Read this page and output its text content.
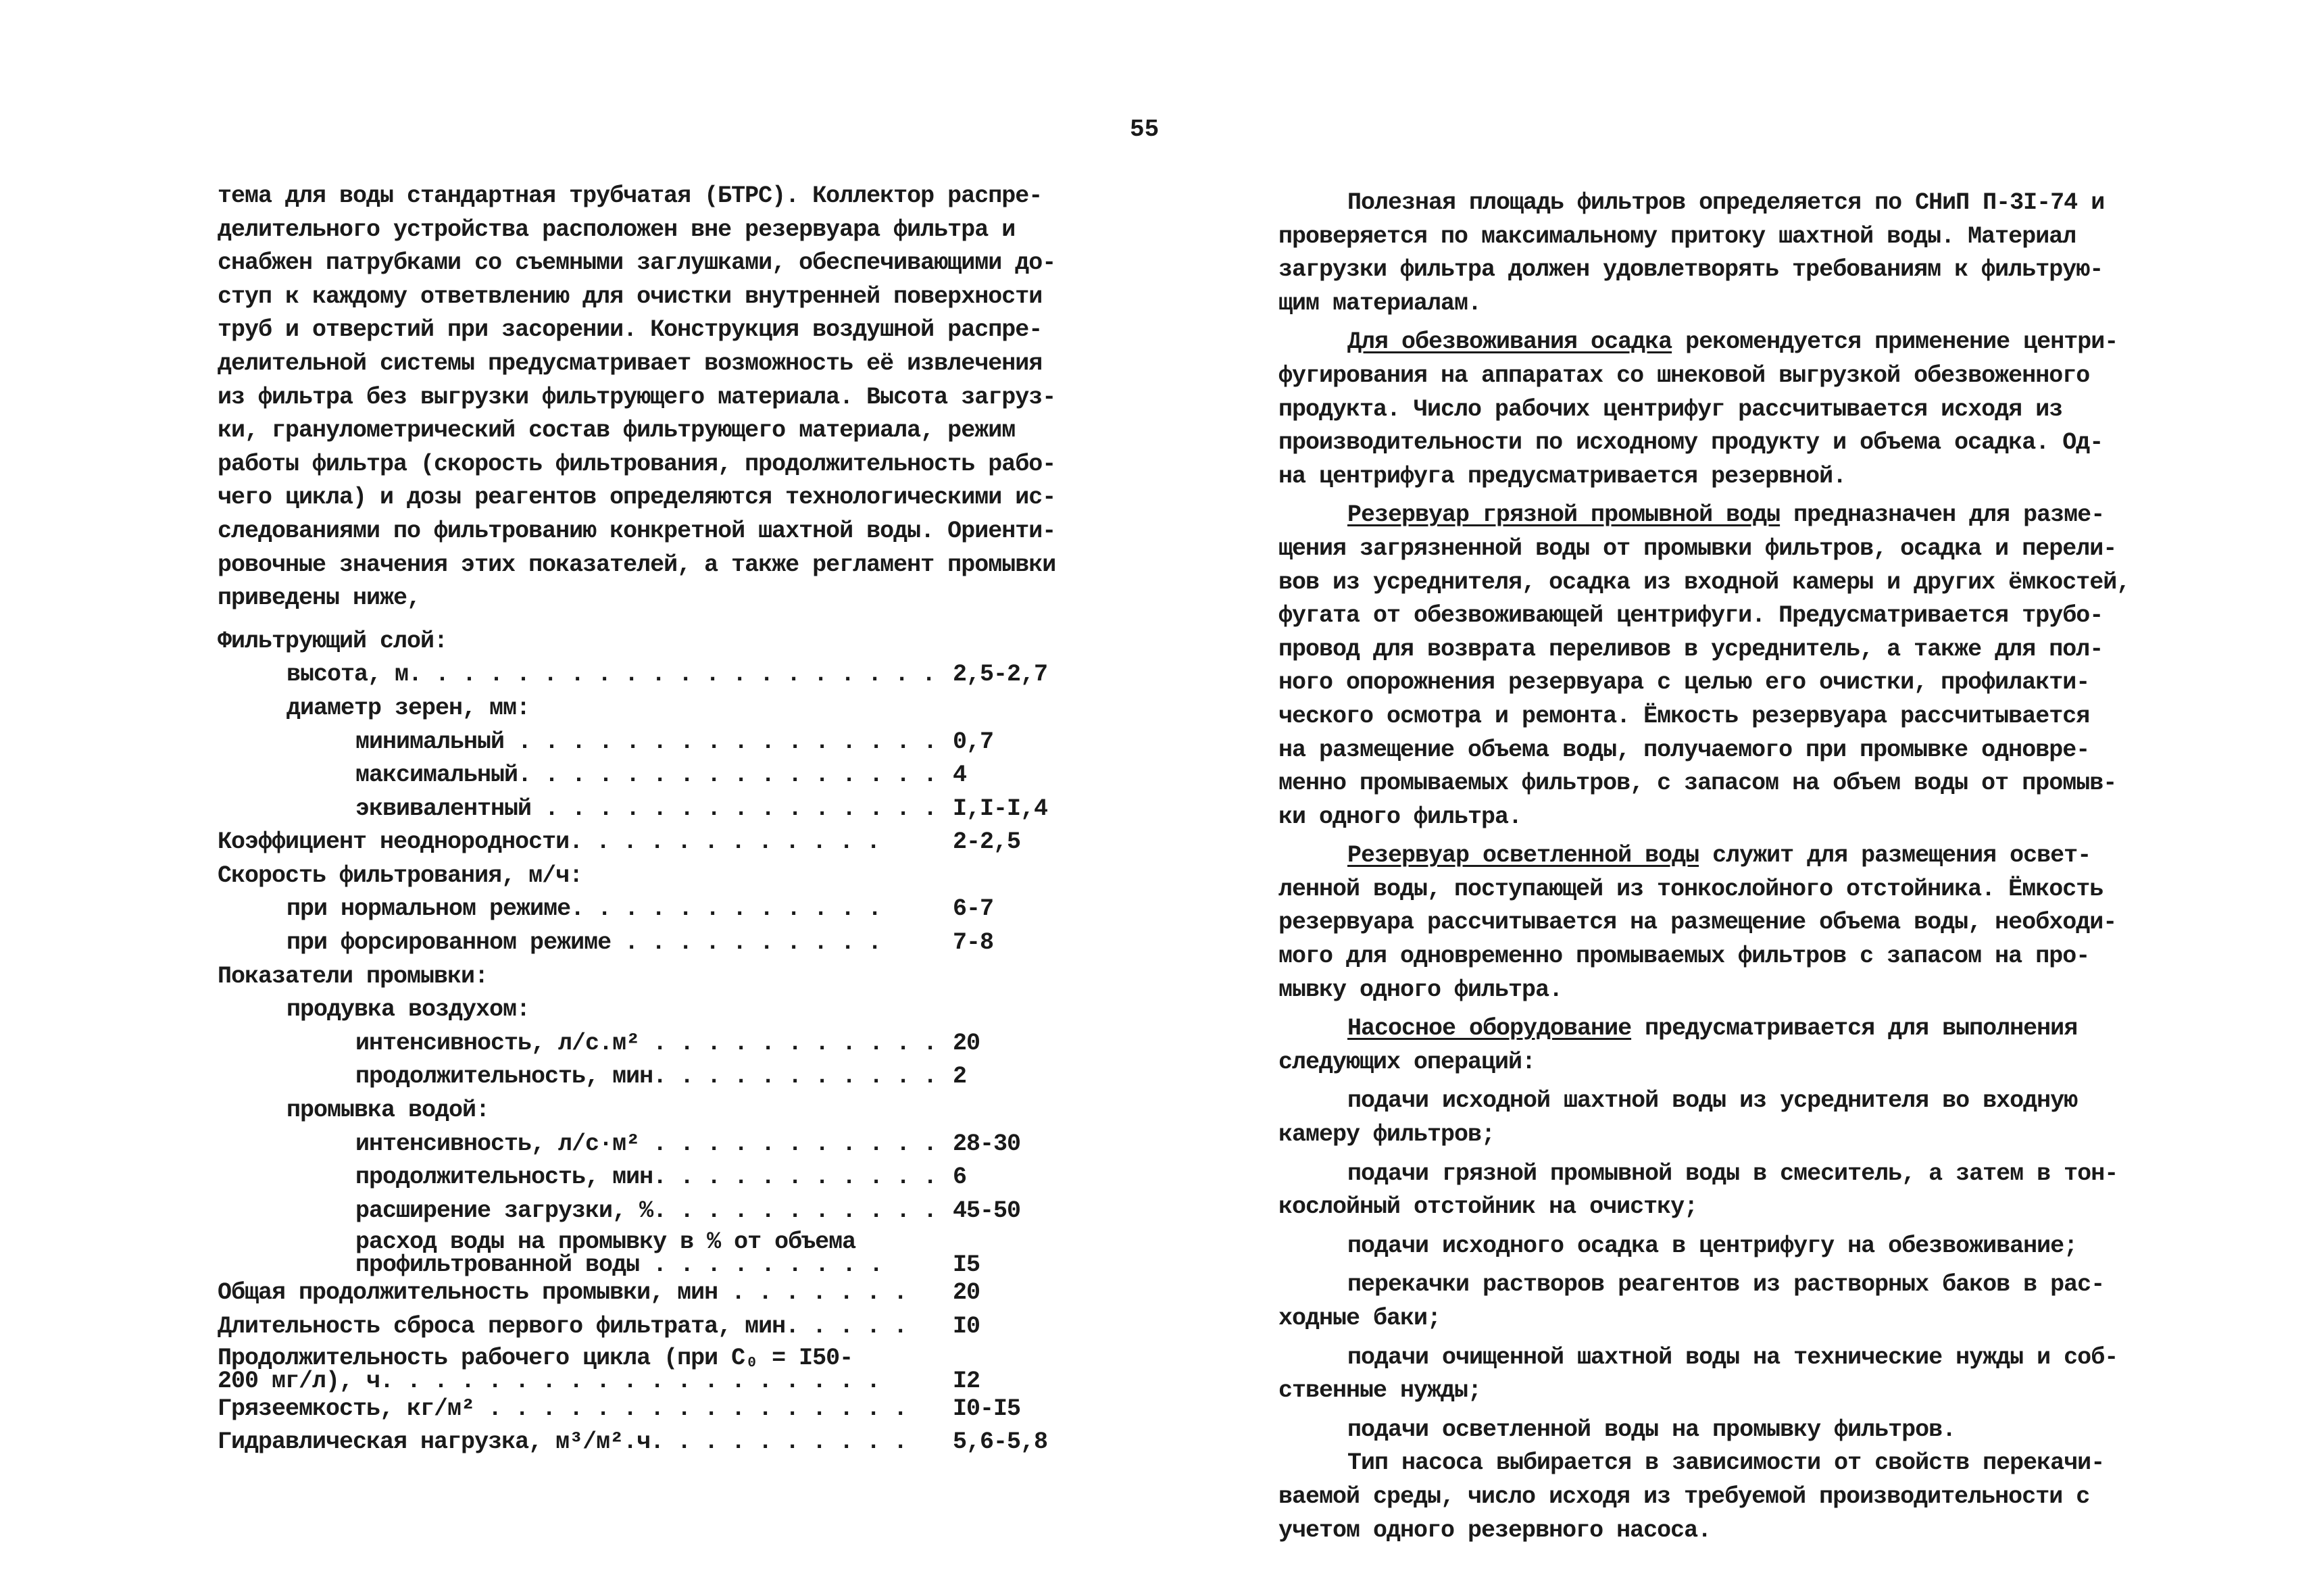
55

тема для воды стандартная трубчатая (БТРС). Коллектор распре-

делительного устройства расположен вне резервуара фильтра и

снабжен патрубками со съемными заглушками, обеспечивающими до-

ступ к каждому ответвлению для очистки внутренней поверхности

труб и отверстий при засорении. Конструкция воздушной распре-

делительной системы предусматривает возможность её извлечения

из фильтра без выгрузки фильтрующего материала. Высота загруз-

ки, гранулометрический состав фильтрующего материала, режим

работы фильтра (скорость фильтрования, продолжительность рабо-

чего цикла) и дозы реагентов определяются технологическими ис-

следованиями по фильтрованию конкретной шахтной воды. Ориенти-

ровочные значения этих показателей, а также регламент промывки

приведены ниже,

Фильтрующий слой:
высота, м. . . . . . . . . . . . . . . . . . . . 2,5-2,7
диаметр зерен, мм:
минимальный . . . . . . . . . . . . . . . . 0,7
максимальный. . . . . . . . . . . . . . . . 4
эквивалентный . . . . . . . . . . . . . . . I,I-I,4
Коэффициент неоднородности. . . . . . . . . . . .	2-2,5
Скорость фильтрования, м/ч:
при нормальном режиме. . . . . . . . . . . .	6-7
при форсированном режиме . . . . . . . . . .	7-8
Показатели промывки:
продувка воздухом:
интенсивность, л/с.м² . . . . . . . . . . . 20
продолжительность, мин. . . . . . . . . . . 2
промывка водой:
интенсивность, л/с·м² . . . . . . . . . . . 28-30
продолжительность, мин. . . . . . . . . . . 6
расширение загрузки, %. . . . . . . . . . . 45-50
расход воды на промывку в % от объема
профильтрованной воды . . . . . . . . .	I5
Общая продолжительность промывки, мин . . . . . . . 20
Длительность сброса первого фильтрата, мин. . . . . I0
Продолжительность рабочего цикла (при C₀ = I50-
200 мг/л), ч. . . . . . . . . . . . . . . . . . .	I2
Грязеемкость, кг/м² . . . . . . . . . . . . . . . . I0-I5
Гидравлическая нагрузка, м³/м².ч. . . . . . . . . . 5,6-5,8

Полезная площадь фильтров определяется по СНиП П-3I-74 и

проверяется по максимальному притоку шахтной воды. Материал

загрузки фильтра должен удовлетворять требованиям к фильтрую-

щим материалам.

Для обезвоживания осадка рекомендуется применение центри-

фугирования на аппаратах со шнековой выгрузкой обезвоженного

продукта. Число рабочих центрифуг рассчитывается исходя из

производительности по исходному продукту и объема осадка. Од-

на центрифуга предусматривается резервной.

Резервуар грязной промывной воды предназначен для разме-

щения загрязненной воды от промывки фильтров, осадка и перели-

вов из усреднителя, осадка из входной камеры и других ёмкостей,

фугата от обезвоживающей центрифуги. Предусматривается трубо-

провод для возврата переливов в усреднитель, а также для пол-

ного опорожнения резервуара с целью его очистки, профилакти-

ческого осмотра и ремонта. Ёмкость резервуара рассчитывается

на размещение объема воды, получаемого при промывке одновре-

менно промываемых фильтров, с запасом на объем воды от промыв-

ки одного фильтра.

Резервуар осветленной воды служит для размещения освет-

ленной воды, поступающей из тонкослойного отстойника. Ёмкость

резервуара рассчитывается на размещение объема воды, необходи-

мого для одновременно промываемых фильтров с запасом на про-

мывку одного фильтра.

Насосное оборудование предусматривается для выполнения

следующих операций:

подачи исходной шахтной воды из усреднителя во входную

камеру фильтров;

подачи грязной промывной воды в смеситель, а затем в тон-

кослойный отстойник на очистку;

подачи исходного осадка в центрифугу на обезвоживание;

перекачки растворов реагентов из растворных баков в рас-

ходные баки;

подачи очищенной шахтной воды на технические нужды и соб-

ственные нужды;

подачи осветленной воды на промывку фильтров.

Тип насоса выбирается в зависимости от свойств перекачи-

ваемой среды, число исходя из требуемой производительности с

учетом одного резервного насоса.
